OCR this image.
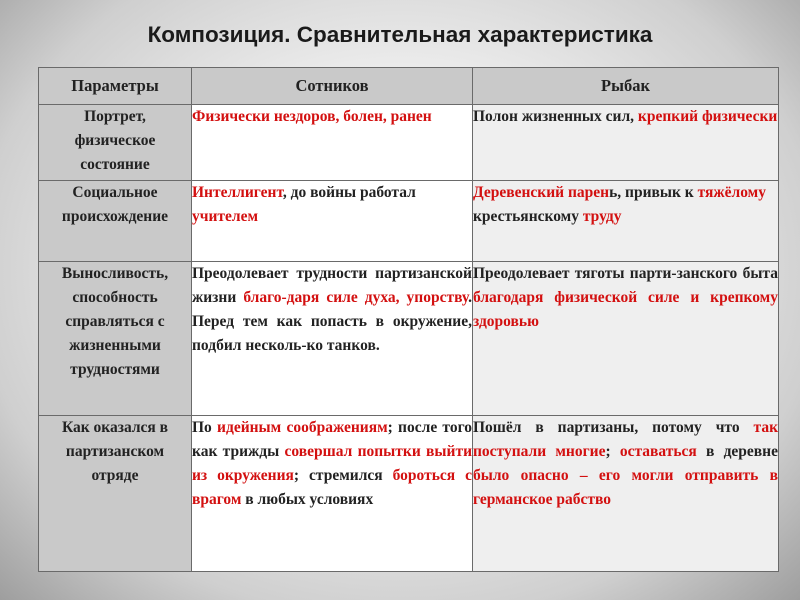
Композиция. Сравнительная характеристика
Параметры	Сотников	Рыбак

Портрет,
физическое
состояние	Физически нездоров, болен, ранен	Полон жизненных сил, крепкий физически

Социальное
происхождение	Интеллигент, до войны работал учителем	Деревенский парень, привык к тяжёлому крестьянскому труду

Выносливость,
способность
справляться с
жизненными
трудностями	Преодолевает трудности партизанской жизни благо-даря силе духа, упорству. Перед тем как попасть в окружение, подбил несколь-ко танков.	Преодолевает тяготы парти-занского быта благодаря физической силе и крепкому здоровью

Как оказался в
партизанском
отряде	По идейным соображениям; после того как трижды совершал попытки выйти из окружения; стремился бороться с врагом в любых условиях	Пошёл в партизаны, потому что так поступали многие; оставаться в деревне было опасно – его могли отправить в германское рабство
